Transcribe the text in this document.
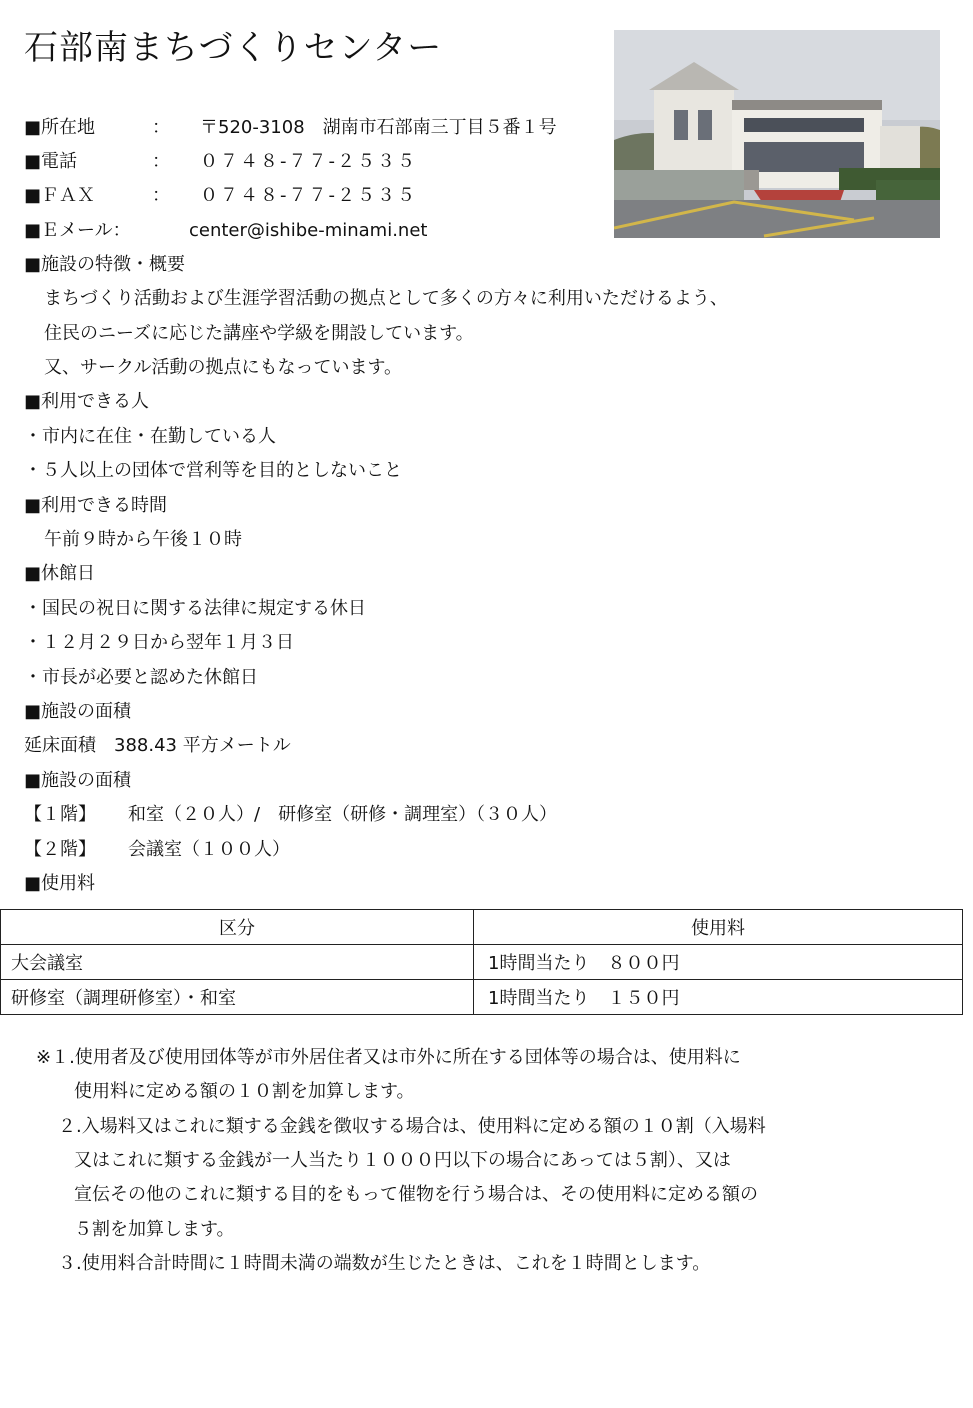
石部南まちづくりセンター
■所在地	： 〒520-3108　湖南市石部南三丁目５番１号
■電話	： ０７４８-７７-２５３５
■ＦＡＸ	： ０７４８-７７-２５３５
■Ｅメール：	center@ishibe-minami.net
■施設の特徴・概要
まちづくり活動および生涯学習活動の拠点として多くの方々に利用いただけるよう、
住民のニーズに応じた講座や学級を開設しています。
又、サークル活動の拠点にもなっています。
■利用できる人
・市内に在住・在勤している人
・５人以上の団体で営利等を目的としないこと
■利用できる時間
午前９時から午後１０時
■休館日
・国民の祝日に関する法律に規定する休日
・１２月２９日から翌年１月３日
・市長が必要と認めた休館日
■施設の面積
延床面積　388.43 平方メートル
■施設の面積
【１階】 和室（２０人）/　研修室（研修・調理室）（３０人）
【２階】 会議室（１００人）
■使用料
区分	使用料
大会議室	1時間当たり　８００円
研修室（調理研修室）・和室	1時間当たり　１５０円
※１.使用者及び使用団体等が市外居住者又は市外に所在する団体等の場合は、使用料に
使用料に定める額の１０割を加算します。
２.入場料又はこれに類する金銭を徴収する場合は、使用料に定める額の１０割（入場料
又はこれに類する金銭が一人当たり１０００円以下の場合にあっては５割）、又は
宣伝その他のこれに類する目的をもって催物を行う場合は、その使用料に定める額の
５割を加算します。
３.使用料合計時間に１時間未満の端数が生じたときは、これを１時間とします。
